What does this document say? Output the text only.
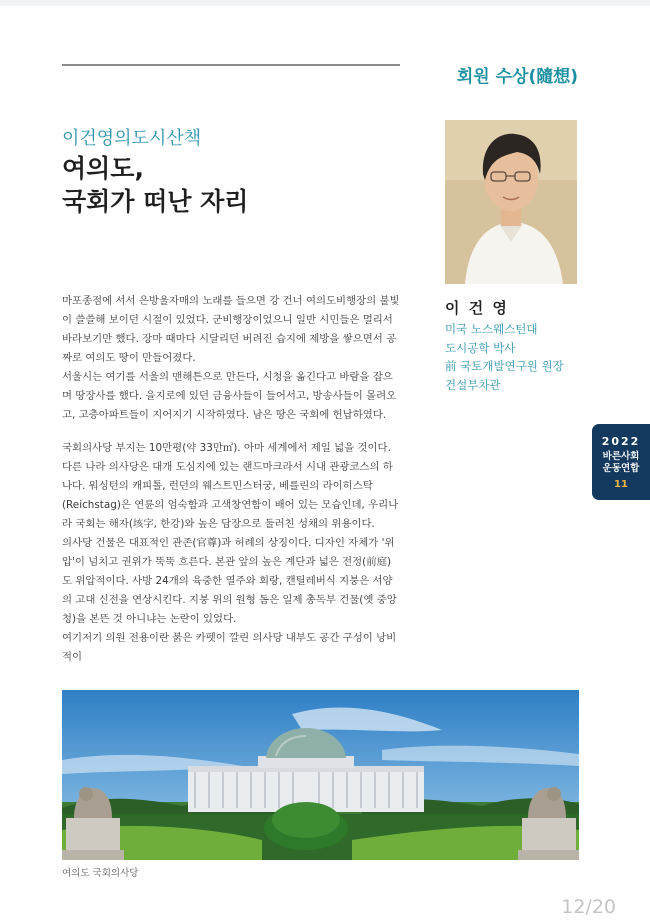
회원 수상(隨想)
이건영의도시산책
여의도,
국회가 떠난 자리
이 건 영
미국 노스웨스턴대
도시공학 박사
前 국토개발연구원 원장
건설부차관
2022
바른사회
운동연합
11

마포종점에 서서 은방울자매의 노래를 들으면 강 건너 여의도비행장의 불빛이 쓸쓸해 보이던 시절이 있었다. 군비행장이었으니 일반 시민들은 멀리서 바라보기만 했다. 장마 때마다 시달리던 버려진 습지에 제방을 쌓으면서 공짜로 여의도 땅이 만들어졌다.

서울시는 여기를 서울의 맨해튼으로 만든다, 시청을 옮긴다고 바람을 잡으며 땅장사를 했다. 을지로에 있던 금융사들이 들어서고, 방송사들이 몰려오고, 고층아파트들이 지어지기 시작하였다. 남은 땅은 국회에 헌납하였다.

국회의사당 부지는 10만평(약 33만㎡). 아마 세계에서 제일 넓을 것이다. 다른 나라 의사당은 대개 도심지에 있는 랜드마크라서 시내 관광코스의 하나다. 워싱턴의 캐피톨, 런던의 웨스트민스터궁, 베를린의 라이히스탁(Reichstag)은 연륜의 엄숙함과 고색창연함이 배어 있는 모습인데, 우리나라 국회는 해자(垓字, 한강)와 높은 담장으로 둘러친 성채의 위용이다.

의사당 건물은 대표적인 관존(官尊)과 허례의 상징이다. 디자인 자체가 '위압'이 넘치고 권위가 뚝뚝 흐른다. 본관 앞의 높은 계단과 넓은 전정(前庭)도 위압적이다. 사방 24개의 육중한 열주와 회랑, 캔틸레버식 지붕은 서양의 고대 신전을 연상시킨다. 지붕 위의 원형 돔은 일제 총독부 건물(옛 중앙청)을 본뜬 것 아니냐는 논란이 있었다.

여기저기 의원 전용이란 붉은 카펫이 깔린 의사당 내부도 공간 구성이 낭비적이

여의도 국회의사당
12/20
